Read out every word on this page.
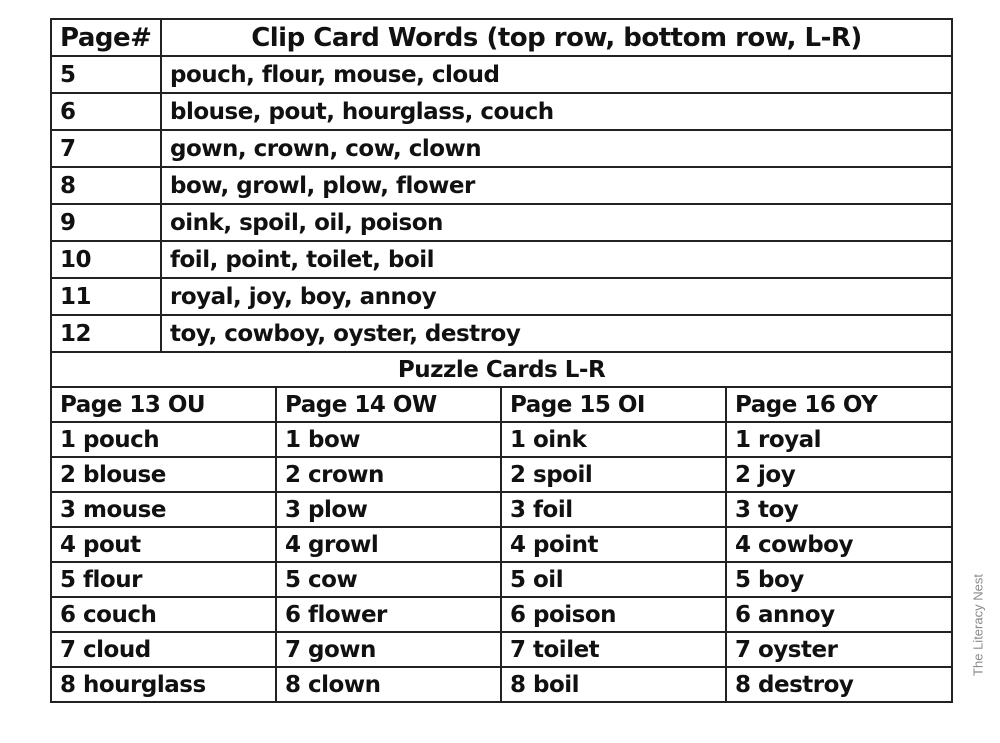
Page#	Clip Card Words (top row, bottom row, L-R)			
5	pouch, flour, mouse, cloud			
6	blouse, pout, hourglass, couch			
7	gown, crown, cow, clown			
8	bow, growl, plow, flower			
9	oink, spoil, oil, poison			
10	foil, point, toilet, boil			
11	royal, joy, boy, annoy			
12	toy, cowboy, oyster, destroy			
Puzzle Cards L-R				
Page 13 OU		Page 14 OW	Page 15 OI	Page 16 OY
1 pouch		1 bow	1 oink	1 royal
2 blouse		2 crown	2 spoil	2 joy
3 mouse		3 plow	3 foil	3 toy
4 pout		4 growl	4 point	4 cowboy
5 flour		5 cow	5 oil	5 boy
6 couch		6 flower	6 poison	6 annoy
7 cloud		7 gown	7 toilet	7 oyster
8 hourglass		8 clown	8 boil	8 destroy
The Literacy Nest
